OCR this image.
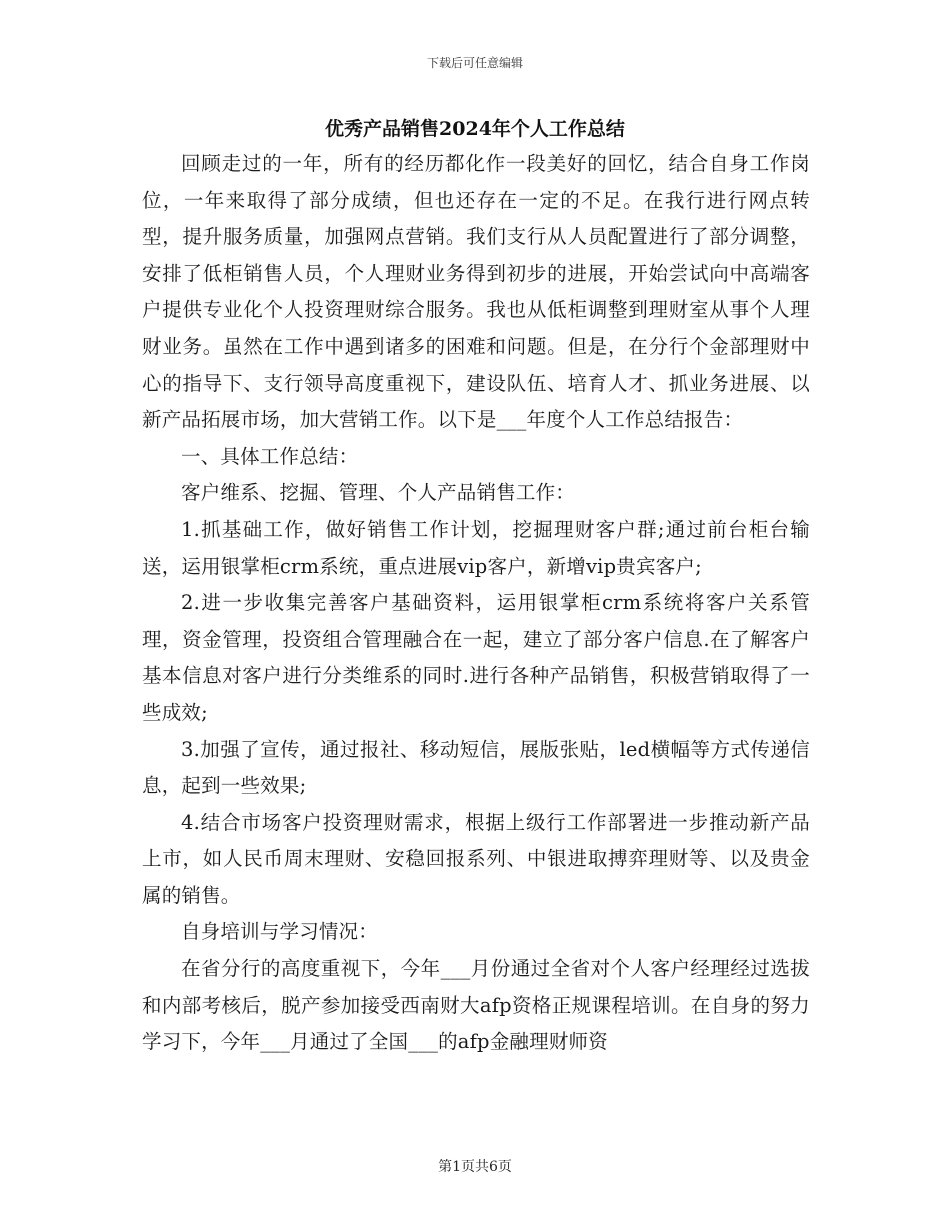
下载后可任意编辑
优秀产品销售2024年个人工作总结

回顾走过的一年，所有的经历都化作一段美好的回忆，结合自身工作岗位，一年来取得了部分成绩，但也还存在一定的不足。在我行进行网点转型，提升服务质量，加强网点营销。我们支行从人员配置进行了部分调整，安排了低柜销售人员，个人理财业务得到初步的进展，开始尝试向中高端客户提供专业化个人投资理财综合服务。我也从低柜调整到理财室从事个人理财业务。虽然在工作中遇到诸多的困难和问题。但是，在分行个金部理财中心的指导下、支行领导高度重视下，建设队伍、培育人才、抓业务进展、以新产品拓展市场，加大营销工作。以下是___年度个人工作总结报告：

一、具体工作总结：

客户维系、挖掘、管理、个人产品销售工作：

1.抓基础工作，做好销售工作计划，挖掘理财客户群;通过前台柜台输送，运用银掌柜crm系统，重点进展vip客户，新增vip贵宾客户;

2.进一步收集完善客户基础资料，运用银掌柜crm系统将客户关系管理，资金管理，投资组合管理融合在一起，建立了部分客户信息.在了解客户基本信息对客户进行分类维系的同时.进行各种产品销售，积极营销取得了一些成效;

3.加强了宣传，通过报社、移动短信，展版张贴，led横幅等方式传递信息，起到一些效果;

4.结合市场客户投资理财需求，根据上级行工作部署进一步推动新产品上市，如人民币周末理财、安稳回报系列、中银进取搏弈理财等、以及贵金属的销售。

自身培训与学习情况：

在省分行的高度重视下，今年___月份通过全省对个人客户经理经过选拔和内部考核后，脱产参加接受西南财大afp资格正规课程培训。在自身的努力学习下，今年___月通过了全国___的afp金融理财师资

第1页共6页
